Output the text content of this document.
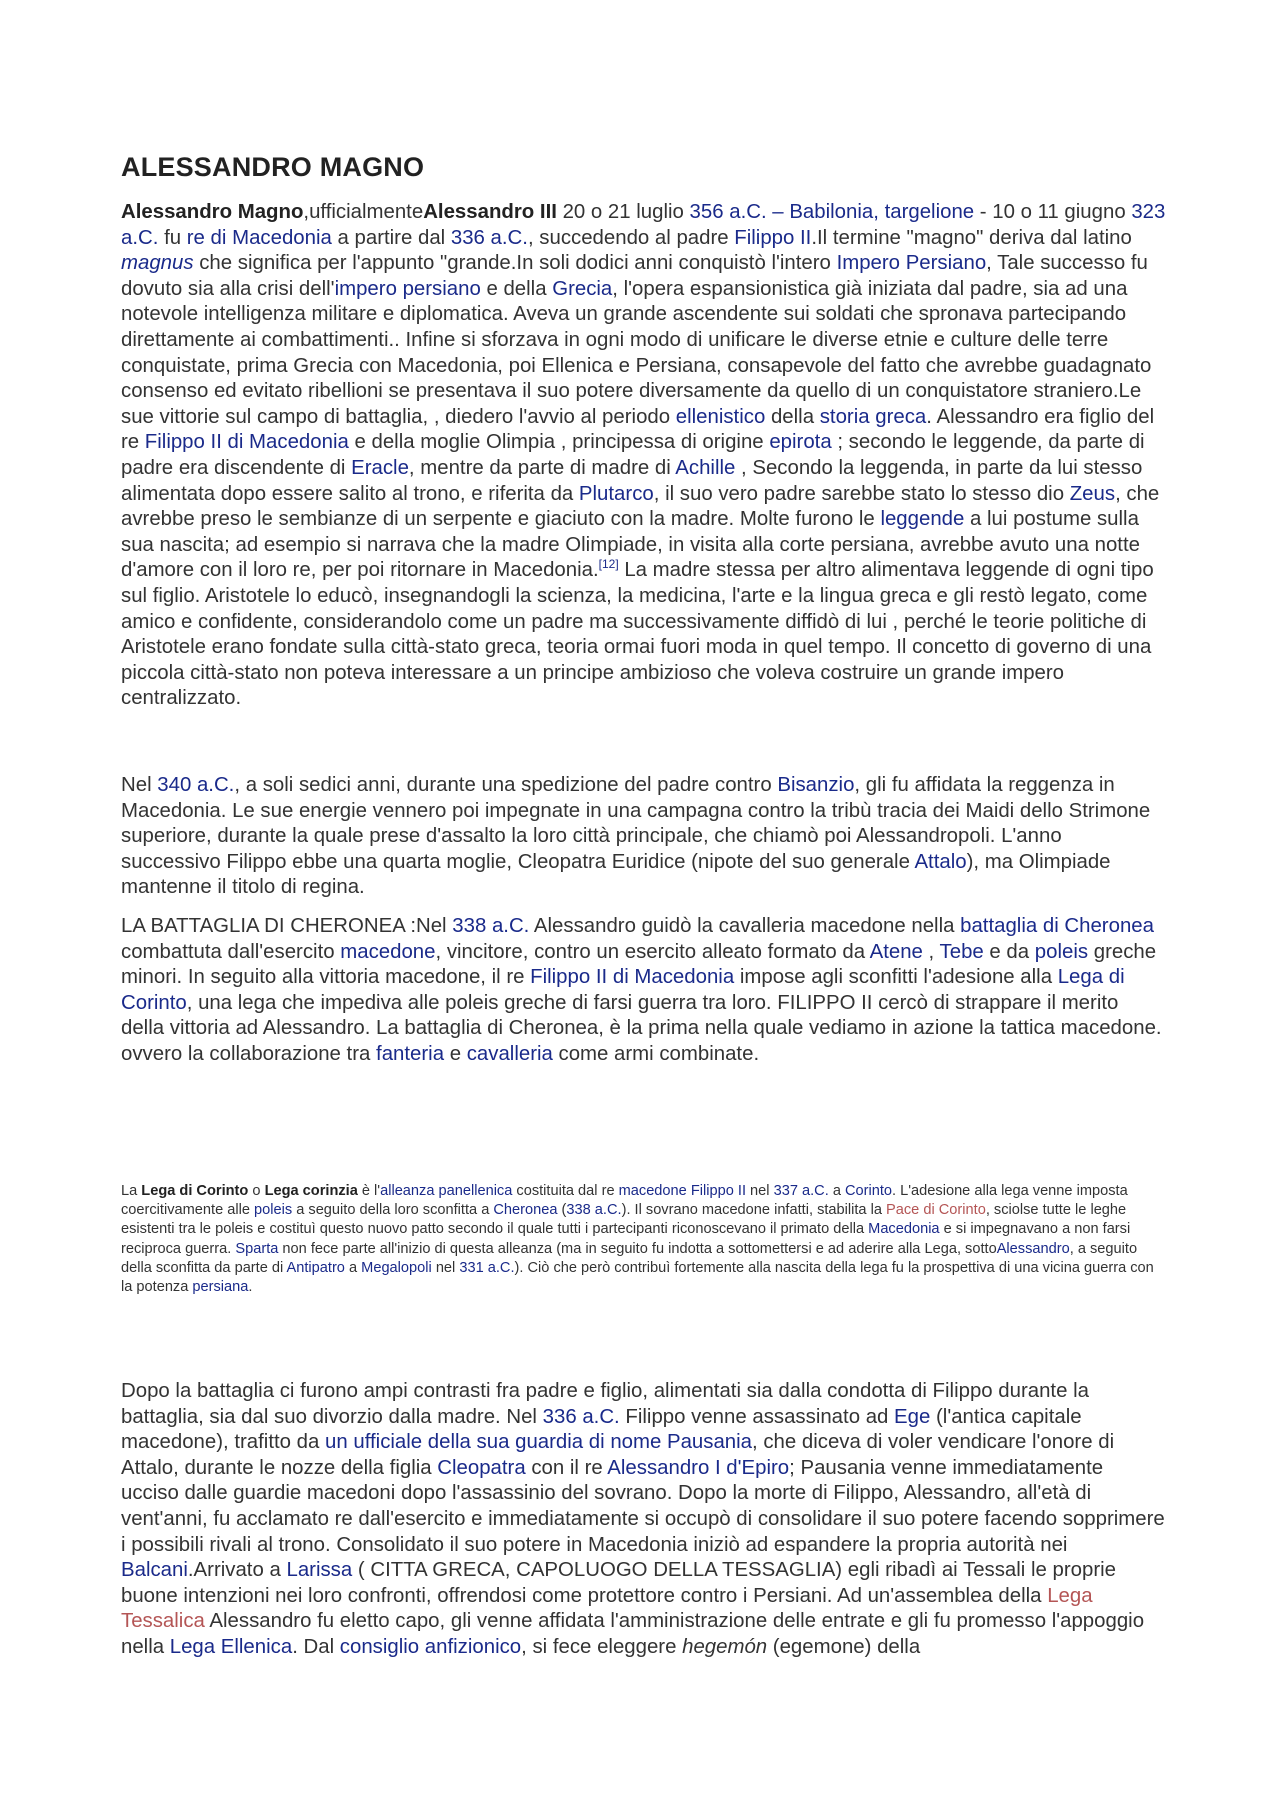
ALESSANDRO MAGNO

Alessandro Magno,ufficialmenteAlessandro III 20 o 21 luglio 356 a.C. – Babilonia, targelione - 10 o 11 giugno 323 a.C. fu re di Macedonia a partire dal 336 a.C., succedendo al padre Filippo II.Il termine "magno" deriva dal latino magnus che significa per l'appunto "grande.In soli dodici anni conquistò l'intero Impero Persiano, Tale successo fu dovuto sia alla crisi dell'impero persiano e della Grecia, l'opera espansionistica già iniziata dal padre, sia ad una notevole intelligenza militare e diplomatica. Aveva un grande ascendente sui soldati che spronava partecipando direttamente ai combattimenti.. Infine si sforzava in ogni modo di unificare le diverse etnie e culture delle terre conquistate, prima Grecia con Macedonia, poi Ellenica e Persiana, consapevole del fatto che avrebbe guadagnato consenso ed evitato ribellioni se presentava il suo potere diversamente da quello di un conquistatore straniero.Le sue vittorie sul campo di battaglia, , diedero l'avvio al periodo ellenistico della storia greca. Alessandro era figlio del re Filippo II di Macedonia e della moglie Olimpia , principessa di origine epirota ; secondo le leggende, da parte di padre era discendente di Eracle, mentre da parte di madre di Achille , Secondo la leggenda, in parte da lui stesso alimentata dopo essere salito al trono, e riferita da Plutarco, il suo vero padre sarebbe stato lo stesso dio Zeus, che avrebbe preso le sembianze di un serpente e giaciuto con la madre. Molte furono le leggende a lui postume sulla sua nascita; ad esempio si narrava che la madre Olimpiade, in visita alla corte persiana, avrebbe avuto una notte d'amore con il loro re, per poi ritornare in Macedonia.[12] La madre stessa per altro alimentava leggende di ogni tipo sul figlio. Aristotele lo educò, insegnandogli la scienza, la medicina, l'arte e la lingua greca e gli restò legato, come amico e confidente, considerandolo come un padre ma successivamente diffidò di lui , perché le teorie politiche di Aristotele erano fondate sulla città-stato greca, teoria ormai fuori moda in quel tempo. Il concetto di governo di una piccola città-stato non poteva interessare a un principe ambizioso che voleva costruire un grande impero centralizzato.

Nel 340 a.C., a soli sedici anni, durante una spedizione del padre contro Bisanzio, gli fu affidata la reggenza in Macedonia. Le sue energie vennero poi impegnate in una campagna contro la tribù tracia dei Maidi dello Strimone superiore, durante la quale prese d'assalto la loro città principale, che chiamò poi Alessandropoli. L'anno successivo Filippo ebbe una quarta moglie, Cleopatra Euridice (nipote del suo generale Attalo), ma Olimpiade mantenne il titolo di regina.

LA BATTAGLIA DI CHERONEA :Nel 338 a.C. Alessandro guidò la cavalleria macedone nella battaglia di Cheronea combattuta dall'esercito macedone, vincitore, contro un esercito alleato formato da Atene , Tebe e da poleis greche minori. In seguito alla vittoria macedone, il re Filippo II di Macedonia impose agli sconfitti l'adesione alla Lega di Corinto, una lega che impediva alle poleis greche di farsi guerra tra loro. FILIPPO II cercò di strappare il merito della vittoria ad Alessandro. La battaglia di Cheronea, è la prima nella quale vediamo in azione la tattica macedone. ovvero la collaborazione tra fanteria e cavalleria come armi combinate.

La Lega di Corinto o Lega corinzia è l'alleanza panellenica costituita dal re macedone Filippo II nel 337 a.C. a Corinto. L'adesione alla lega venne imposta coercitivamente alle poleis a seguito della loro sconfitta a Cheronea (338 a.C.). Il sovrano macedone infatti, stabilita la Pace di Corinto, sciolse tutte le leghe esistenti tra le poleis e costituì questo nuovo patto secondo il quale tutti i partecipanti riconoscevano il primato della Macedonia e si impegnavano a non farsi reciproca guerra. Sparta non fece parte all'inizio di questa alleanza (ma in seguito fu indotta a sottomettersi e ad aderire alla Lega, sottoAlessandro, a seguito della sconfitta da parte di Antipatro a Megalopoli nel 331 a.C.). Ciò che però contribuì fortemente alla nascita della lega fu la prospettiva di una vicina guerra con la potenza persiana.

Dopo la battaglia ci furono ampi contrasti fra padre e figlio, alimentati sia dalla condotta di Filippo durante la battaglia, sia dal suo divorzio dalla madre. Nel 336 a.C. Filippo venne assassinato ad Ege (l'antica capitale macedone), trafitto da un ufficiale della sua guardia di nome Pausania, che diceva di voler vendicare l'onore di Attalo, durante le nozze della figlia Cleopatra con il re Alessandro I d'Epiro; Pausania venne immediatamente ucciso dalle guardie macedoni dopo l'assassinio del sovrano. Dopo la morte di Filippo, Alessandro, all'età di vent'anni, fu acclamato re dall'esercito e immediatamente si occupò di consolidare il suo potere facendo sopprimere i possibili rivali al trono. Consolidato il suo potere in Macedonia iniziò ad espandere la propria autorità nei Balcani.Arrivato a Larissa ( CITTA GRECA, CAPOLUOGO DELLA TESSAGLIA) egli ribadì ai Tessali le proprie buone intenzioni nei loro confronti, offrendosi come protettore contro i Persiani. Ad un'assemblea della Lega Tessalica Alessandro fu eletto capo, gli venne affidata l'amministrazione delle entrate e gli fu promesso l'appoggio nella Lega Ellenica. Dal consiglio anfizionico, si fece eleggere hegemón (egemone) della
